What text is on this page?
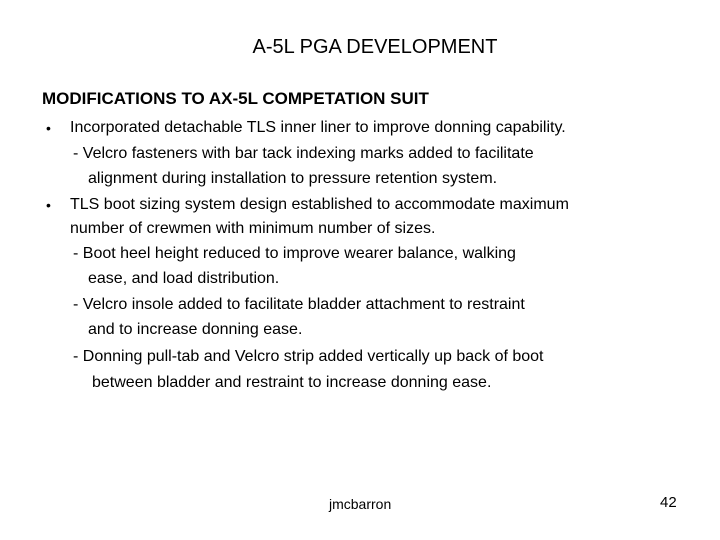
A-5L PGA DEVELOPMENT
MODIFICATIONS TO AX-5L COMPETATION SUIT
• Incorporated detachable TLS inner liner to improve donning capability.
- Velcro fasteners with bar tack indexing marks added to facilitate
alignment during installation to pressure retention system.
• TLS boot sizing system design established to accommodate maximum
number of crewmen with minimum number of sizes.
- Boot heel height reduced to improve wearer balance, walking
ease, and load distribution.
- Velcro insole added to facilitate bladder attachment to restraint
and to increase donning ease.
- Donning pull-tab and Velcro strip added vertically up back of boot
between bladder and restraint to increase donning ease.
jmcbarron	42
